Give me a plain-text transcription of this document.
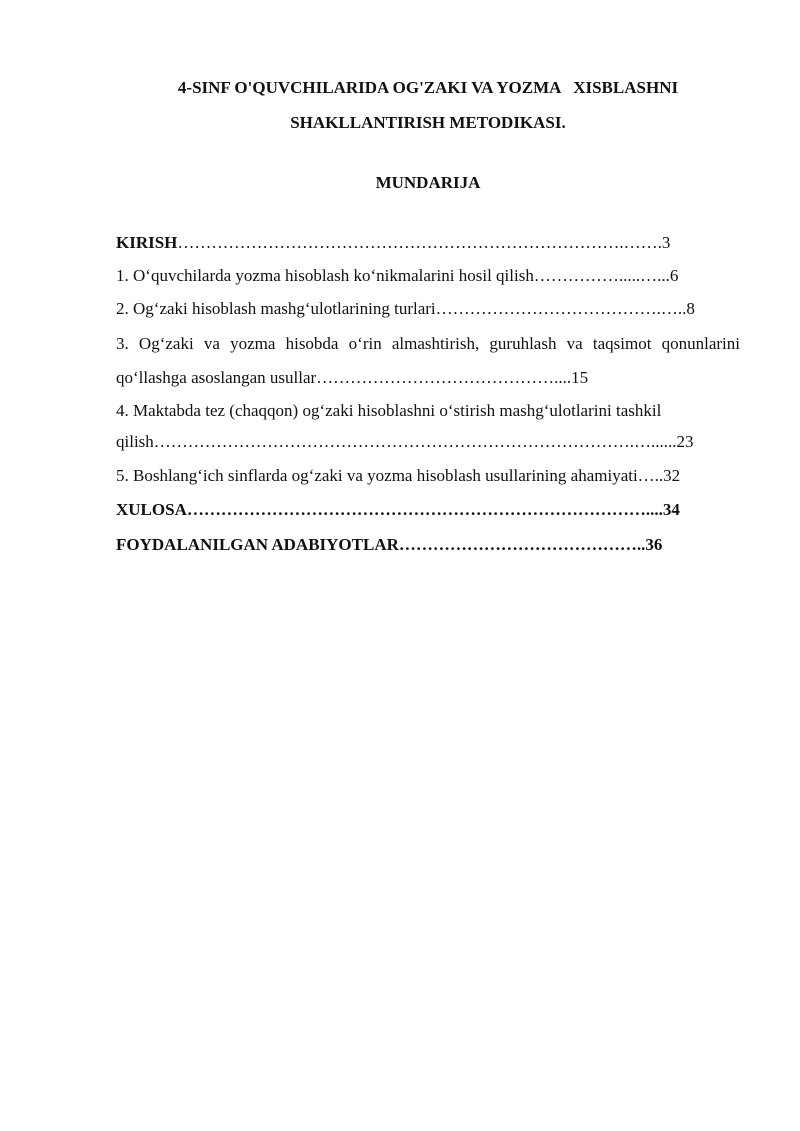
4-SINF O'QUVCHILARIDA OG'ZAKI VA YOZMA   XISBLASHNI
SHAKLLANTIRISH METODIKASI.
MUNDARIJA
KIRISH…………………………………………………………………….…….3
1. O‘quvchilarda yozma hisoblash ko‘nikmalarini hosil qilish…………….....…...6
2. Og‘zaki hisoblash mashg‘ulotlarining turlari………………………………….…..8
3. Og‘zaki va yozma hisobda o‘rin almashtirish, guruhlash va taqsimot qonunlarini
qo‘llashga asoslangan usullar……………………………………....15
4. Maktabda tez (chaqqon) og‘zaki hisoblashni o‘stirish mashg‘ulotlarini tashkil
qilish………………………………………………………………………….…......23
5. Boshlang‘ich sinflarda og‘zaki va yozma hisoblash usullarining ahamiyati…..32
XULOSA………………………………………………………………………....34
FOYDALANILGAN ADABIYOTLAR……………………………………..36
